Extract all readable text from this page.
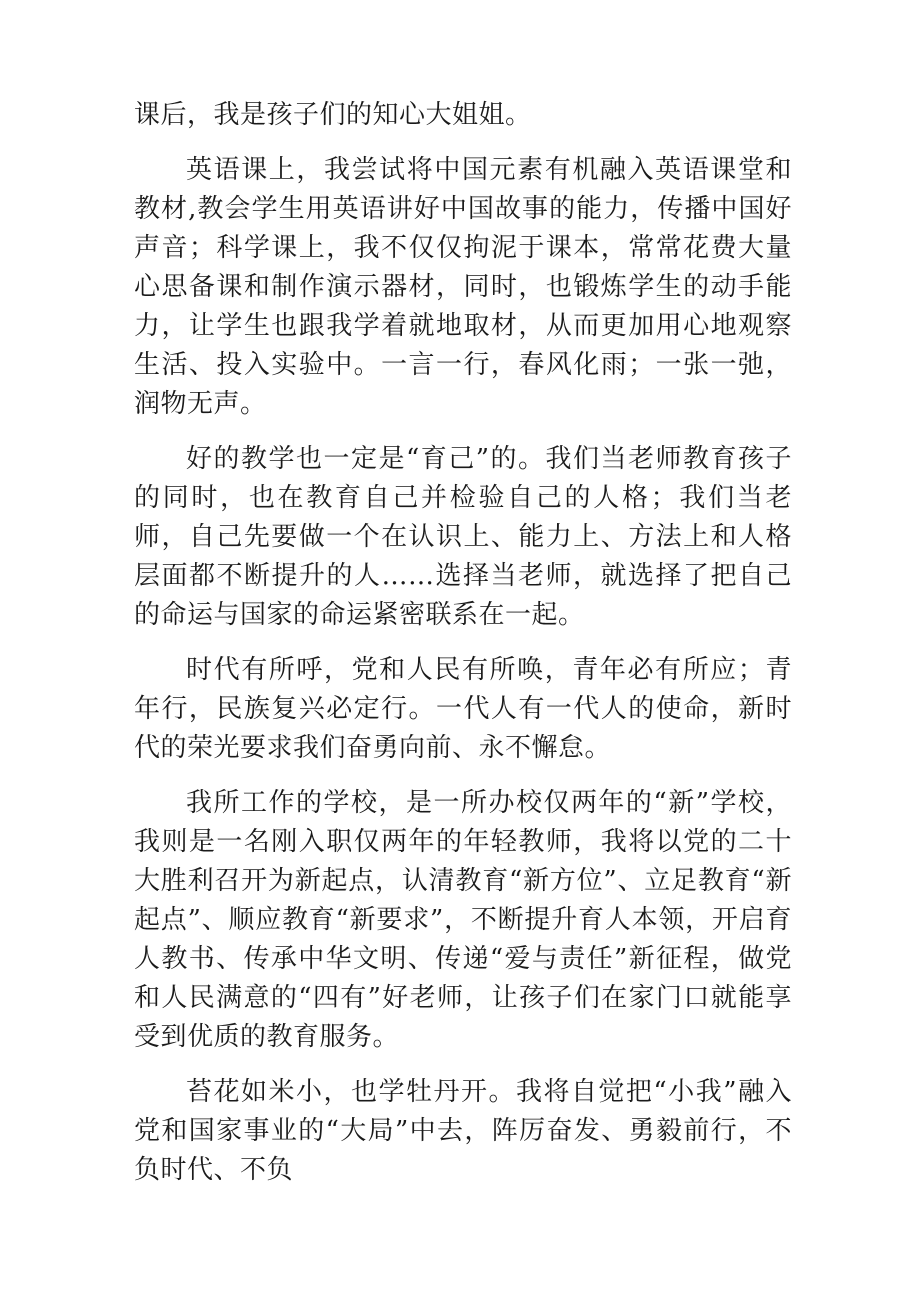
课后，我是孩子们的知心大姐姐。

英语课上，我尝试将中国元素有机融入英语课堂和教材,教会学生用英语讲好中国故事的能力，传播中国好声音；科学课上，我不仅仅拘泥于课本，常常花费大量心思备课和制作演示器材，同时，也锻炼学生的动手能力，让学生也跟我学着就地取材，从而更加用心地观察生活、投入实验中。一言一行，春风化雨；一张一弛，润物无声。

好的教学也一定是“育己”的。我们当老师教育孩子的同时，也在教育自己并检验自己的人格；我们当老师，自己先要做一个在认识上、能力上、方法上和人格层面都不断提升的人……选择当老师，就选择了把自己的命运与国家的命运紧密联系在一起。

时代有所呼，党和人民有所唤，青年必有所应；青年行，民族复兴必定行。一代人有一代人的使命，新时代的荣光要求我们奋勇向前、永不懈怠。

我所工作的学校，是一所办校仅两年的“新”学校，我则是一名刚入职仅两年的年轻教师，我将以党的二十大胜利召开为新起点，认清教育“新方位”、立足教育“新起点”、顺应教育“新要求”，不断提升育人本领，开启育人教书、传承中华文明、传递“爱与责任”新征程，做党和人民满意的“四有”好老师，让孩子们在家门口就能享受到优质的教育服务。

苔花如米小，也学牡丹开。我将自觉把“小我”融入党和国家事业的“大局”中去，阵厉奋发、勇毅前行，不负时代、不负
